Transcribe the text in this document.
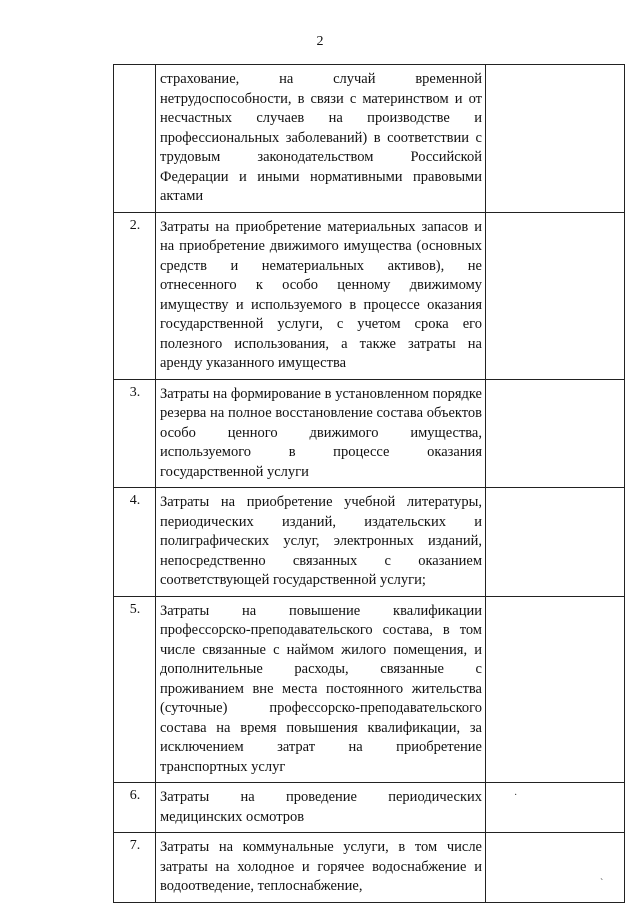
2
	страхование, на случай временной нетрудоспособности, в связи с материнством и от несчастных случаев на производстве и профессиональных заболеваний) в соответствии с трудовым законодательством Российской Федерации и иными нормативными правовыми актами	
2.	Затраты на приобретение материальных запасов и на приобретение движимого имущества (основных средств и нематериальных активов), не отнесенного к особо ценному движимому имуществу и используемого в процессе оказания государственной услуги, с учетом срока его полезного использования, а также затраты на аренду указанного имущества	
3.	Затраты на формирование в установленном порядке резерва на полное восстановление состава объектов особо ценного движимого имущества, используемого в процессе оказания государственной услуги	
4.	Затраты на приобретение учебной литературы, периодических изданий, издательских и полиграфических услуг, электронных изданий, непосредственно связанных с оказанием соответствующей государственной услуги;	
5.	Затраты на повышение квалификации профессорско-преподавательского состава, в том числе связанные с наймом жилого помещения, и дополнительные расходы, связанные с проживанием вне места постоянного жительства (суточные) профессорско-преподавательского состава на время повышения квалификации, за исключением затрат на приобретение транспортных услуг	
6.	Затраты на проведение периодических медицинских осмотров	
7.	Затраты на коммунальные услуги, в том числе затраты на холодное и горячее водоснабжение и водоотведение, теплоснабжение,	
·
ˋ
